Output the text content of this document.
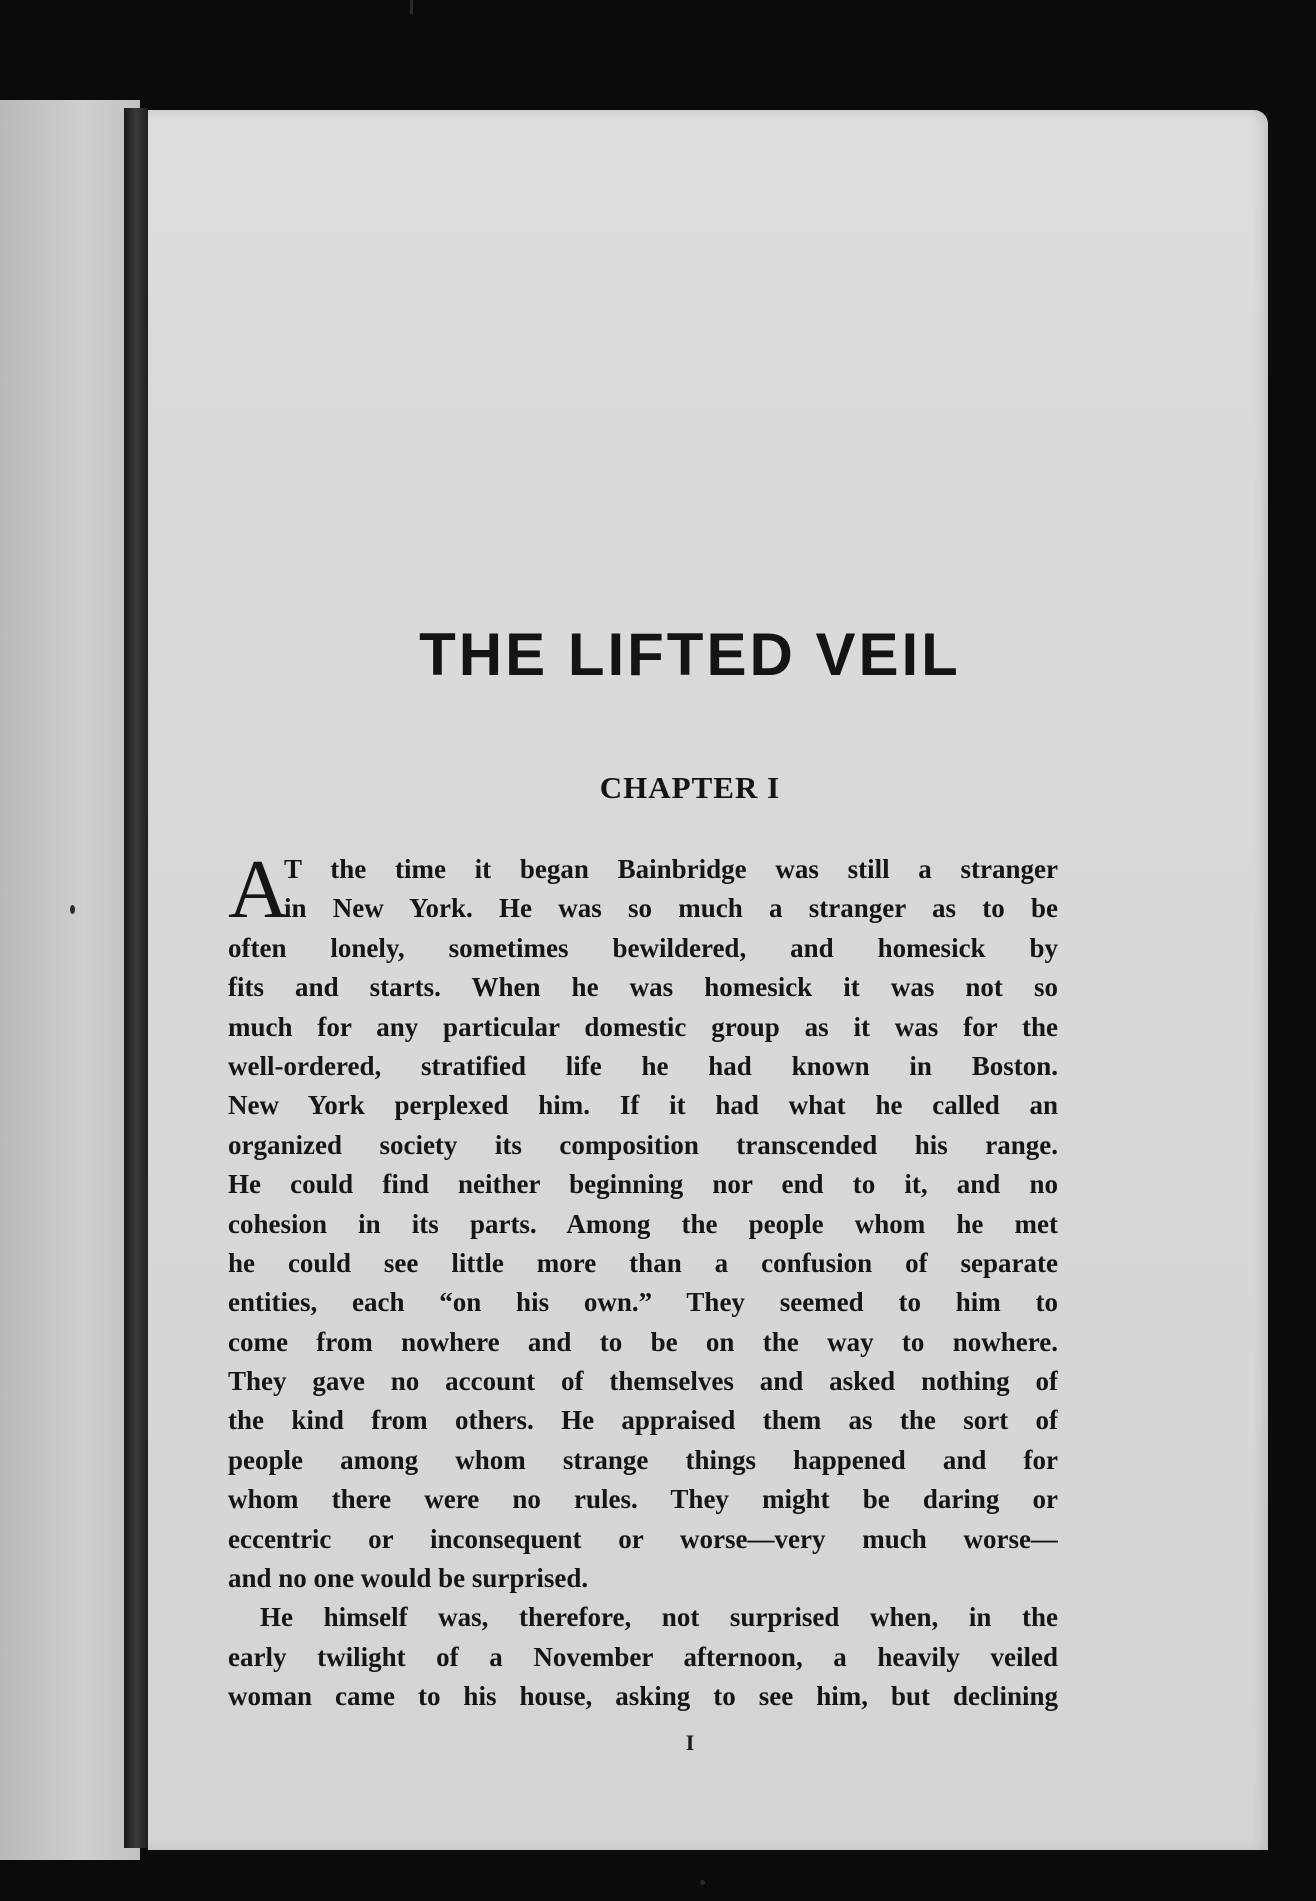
THE LIFTED VEIL
CHAPTER I
A
T the time it began Bainbridge was still a stranger
in New York. He was so much a stranger as to be
often lonely, sometimes bewildered, and homesick by
fits and starts. When he was homesick it was not so
much for any particular domestic group as it was for the
well-ordered, stratified life he had known in Boston.
New York perplexed him. If it had what he called an
organized society its composition transcended his range.
He could find neither beginning nor end to it, and no
cohesion in its parts. Among the people whom he met
he could see little more than a confusion of separate
entities, each “on his own.” They seemed to him to
come from nowhere and to be on the way to nowhere.
They gave no account of themselves and asked nothing of
the kind from others. He appraised them as the sort of
people among whom strange things happened and for
whom there were no rules. They might be daring or
eccentric or inconsequent or worse—very much worse—
and no one would be surprised.
He himself was, therefore, not surprised when, in the
early twilight of a November afternoon, a heavily veiled
woman came to his house, asking to see him, but declining
I
